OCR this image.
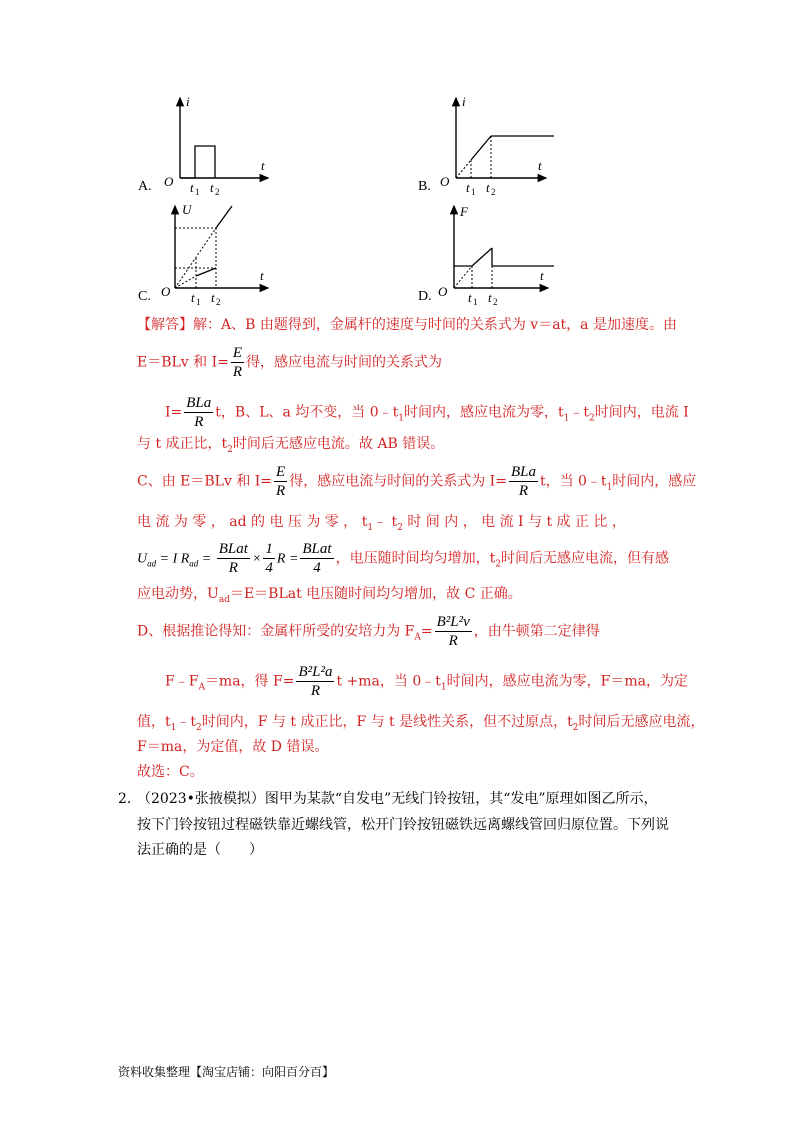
A.	B.
C.	D.
i
t
O t 1 t 2
i
t
O t 1 t 2
U
t
O t 1 t 2
F
t
O t 1 t 2
【解答】解：A、B 由题得到，金属杆的速度与时间的关系式为 v＝at，a 是加速度。由
E＝BLv 和 $I= \frac{E}{R}$ 得，感应电流与时间的关系式为
$I= \frac{\text{BLa}}{R}$ t，B、L、a 均不变，当 $0﹣t_1$时间内，感应电流为零，$t_1﹣t_2$时间内，电流 I
与 t 成正比，$t_2$时间后无感应电流。故 AB 错误。
C、由 E＝BLv 和 $I= \frac{E}{R}$ 得，感应电流与时间的关系式为 $I= \frac{\text{BLa}}{R}$ t，当 $0﹣t_1$时间内，感应
电 流 为 零 ， ad 的 电 压 为 零 ， $t_1﹣$ $t_2$ 时 间 内 ， 电 流 I 与 t 成 正 比 ，
$U_{ad} = I$ $R_{ad} = \frac{\text{BLat}}{R} \times \frac{1}{4}$ $R = \frac{\text{BLat}}{4}$ ，电压随时间均匀增加，$t_2$时间后无感应电流，但有感
应电动势，$U_{ad}=E=BLat$ 电压随时间均匀增加，故 C 正确。
D、根据推论得知：金属杆所受的安培力为 $F_A= \frac{\text{B²L²v}}{R}$ ，由牛顿第二定律得
$F﹣F_A=ma$，得 $F= \frac{\text{B²L²a}}{R}$ t +ma，当 $0﹣t_1$时间内，感应电流为零，F＝ma，为定
值，$t_1﹣t_2$时间内，F 与 t 成正比，F 与 t 是线性关系，但不过原点，$t_2$时间后无感应电流，
F＝ma，为定值，故 D 错误。
故选：C。
2. （2023•张掖模拟）图甲为某款“自发电”无线门铃按钮，其“发电”原理如图乙所示，
按下门铃按钮过程磁铁靠近螺线管，松开门铃按钮磁铁远离螺线管回归原位置。下列说
法正确的是（　　）
资料收集整理【淘宝店铺：向阳百分百】
